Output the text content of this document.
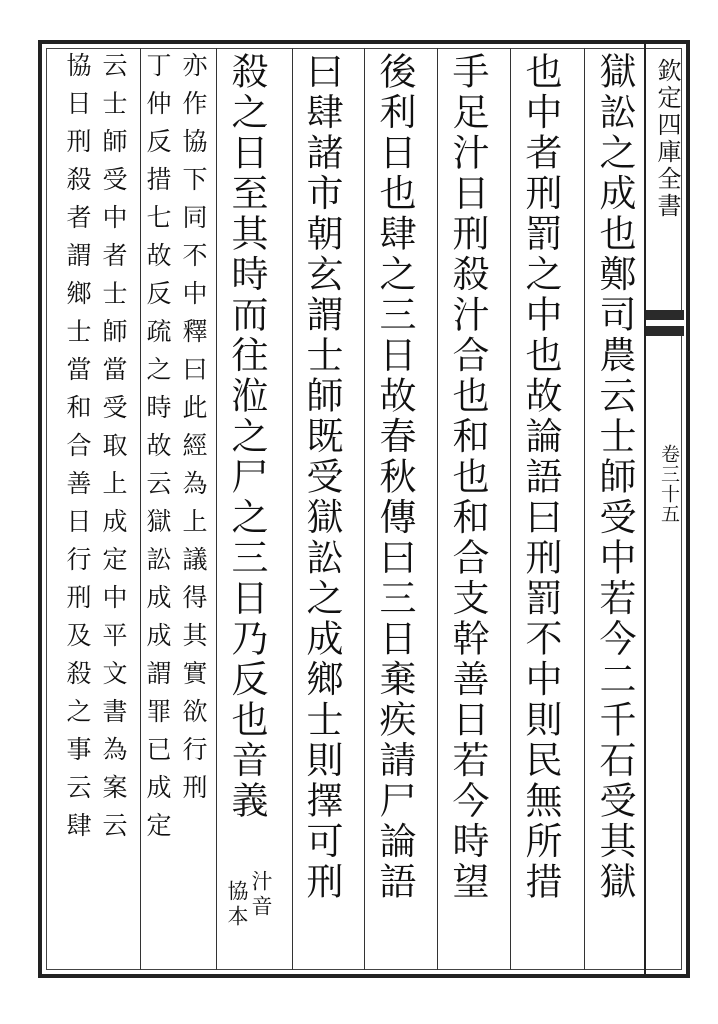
欽定四庫全書
卷三十五
獄訟之成也鄭司農云士師受中若今二千石受其獄
也中者刑罰之中也故論語曰刑罰不中則民無所措
手足汁日刑殺汁合也和也和合支幹善日若今時望
後利日也肆之三日故春秋傳曰三日棄疾請尸論語
曰肆諸市朝玄謂士師既受獄訟之成鄉士則擇可刑
殺之日至其時而往涖之尸之三日乃反也音義
汁音
協本
亦作協下同不中釋曰此經為上議得其實欲行刑
丁仲反措七故反疏之時故云獄訟成成謂罪已成定
云士師受中者士師當受取上成定中平文書為案云
協日刑殺者謂鄉士當和合善日行刑及殺之事云肆
